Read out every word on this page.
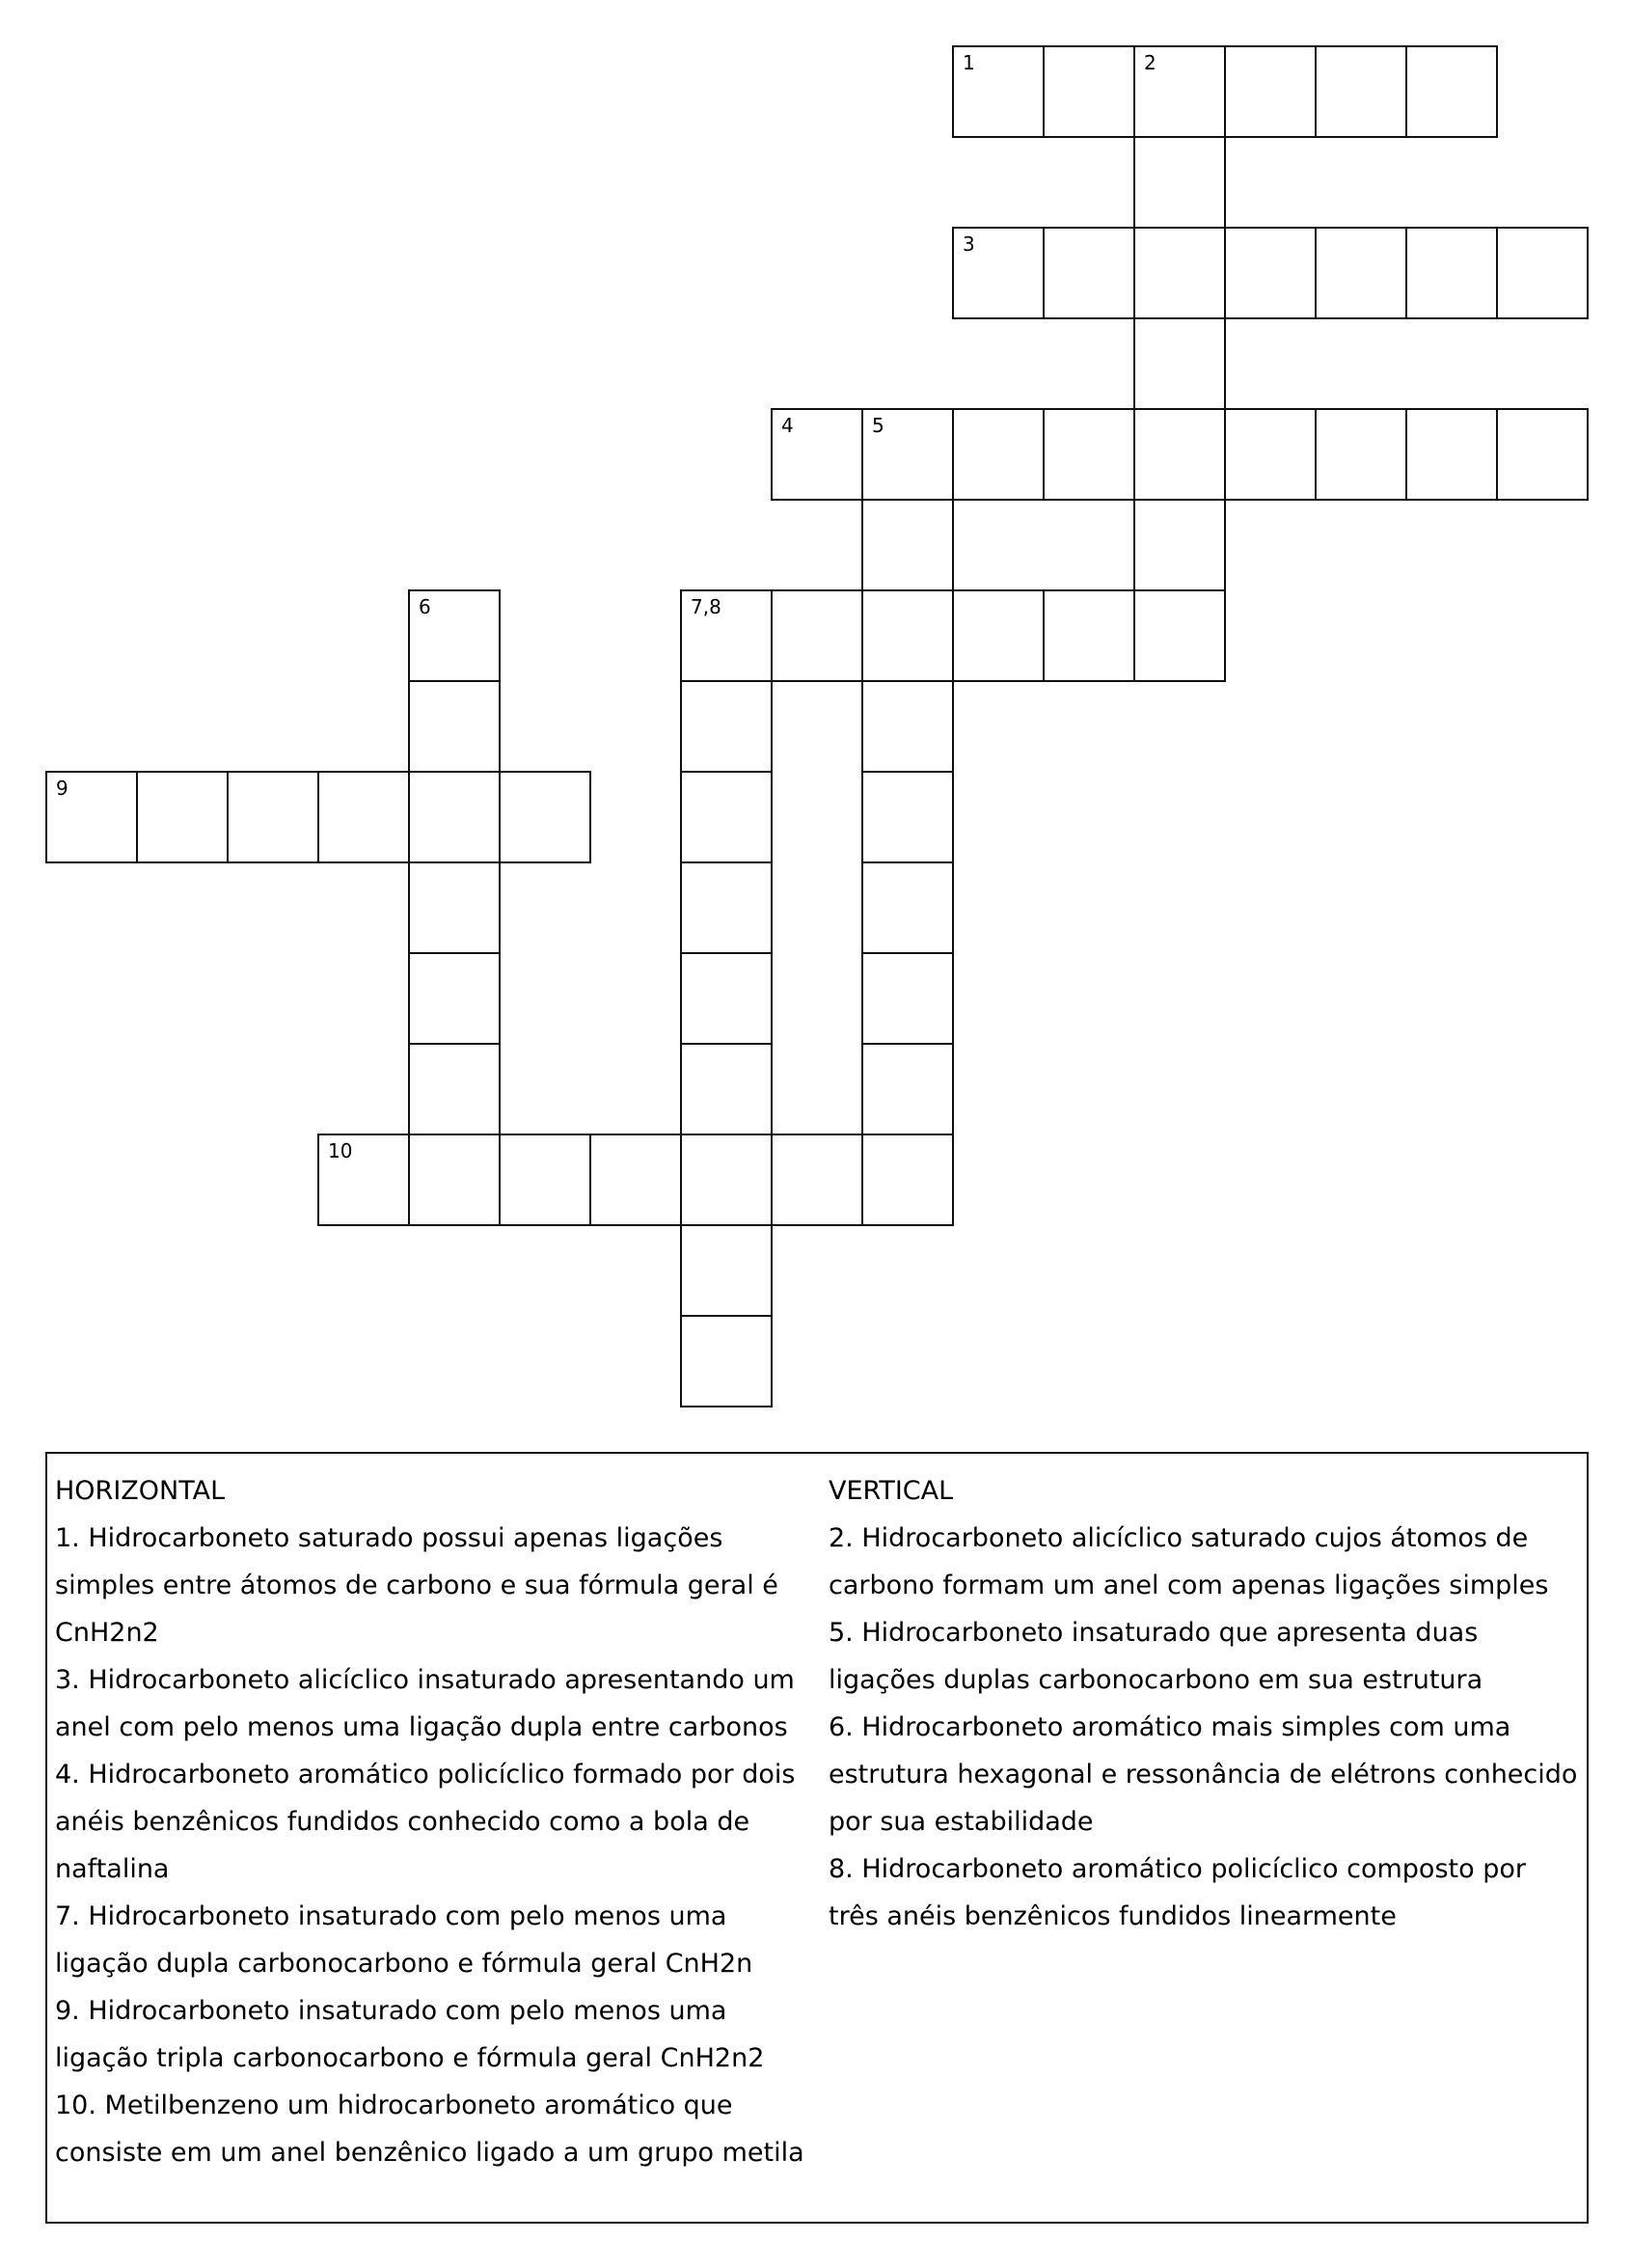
1	2
3
4	5
6	7,8
9
10
HORIZONTAL

1. Hidrocarboneto saturado possui apenas ligações simples entre átomos de carbono e sua fórmula geral é CnH2n2

3. Hidrocarboneto alicíclico insaturado apresentando um anel com pelo menos uma ligação dupla entre carbonos

4. Hidrocarboneto aromático policíclico formado por dois anéis benzênicos fundidos conhecido como a bola de naftalina

7. Hidrocarboneto insaturado com pelo menos uma ligação dupla carbonocarbono e fórmula geral CnH2n

9. Hidrocarboneto insaturado com pelo menos uma ligação tripla carbonocarbono e fórmula geral CnH2n2

10. Metilbenzeno um hidrocarboneto aromático que consiste em um anel benzênico ligado a um grupo metila

VERTICAL

2. Hidrocarboneto alicíclico saturado cujos átomos de carbono formam um anel com apenas ligações simples

5. Hidrocarboneto insaturado que apresenta duas ligações duplas carbonocarbono em sua estrutura

6. Hidrocarboneto aromático mais simples com uma estrutura hexagonal e ressonância de elétrons conhecido por sua estabilidade

8. Hidrocarboneto aromático policíclico composto por três anéis benzênicos fundidos linearmente
